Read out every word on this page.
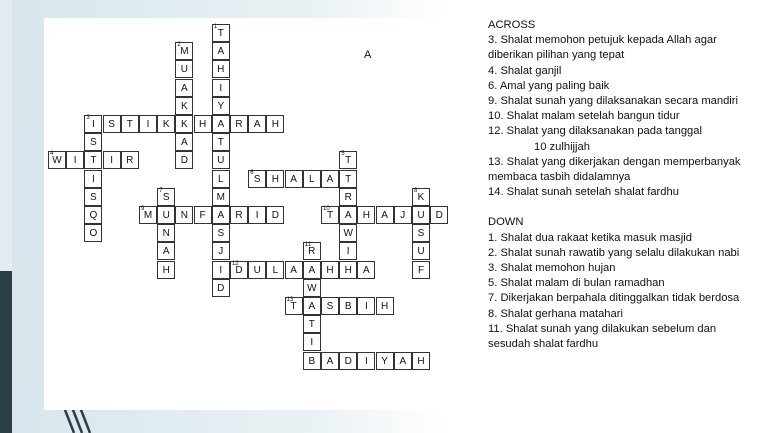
1
T
A
H
I
Y
A
T
U
L
M
A
S
J
I
D
2
M
U
A
K
K
A
D
3
I	S	T	I	K	H	R	A	H
S
T
I
S
Q
O
4
W	I	I	R
6
S	H	A	L	A	T
5
T
R
A
W
I
H
7
S
N
A
H
9
M	U	N	F	R	I	D
10
T	H	A	J	U	D
8
K
S
U
F
11
R
A
W
A
T
I
B
12
D	U	L	A	H	A
13
T	S	B	I	H
A	D	I	Y	A	H
A
ACROSS
3. Shalat memohon petujuk kepada Allah agar diberikan pilihan yang tepat
4. Shalat ganjil
6. Amal yang paling baik
9. Shalat sunah yang dilaksanakan secara mandiri
10. Shalat malam setelah bangun tidur
12. Shalat yang dilaksanakan pada tanggal
10 zulhijjah
13. Shalat yang dikerjakan dengan memperbanyak membaca tasbih didalamnya
14. Shalat sunah setelah shalat fardhu
DOWN
1. Shalat dua rakaat ketika masuk masjid
2. Shalat sunah rawatib yang selalu dilakukan nabi
3. Shalat memohon hujan
5. Shalat malam di bulan ramadhan
7. Dikerjakan berpahala ditinggalkan tidak berdosa
8. Shalat gerhana matahari
11. Shalat sunah yang dilakukan sebelum dan sesudah shalat fardhu
